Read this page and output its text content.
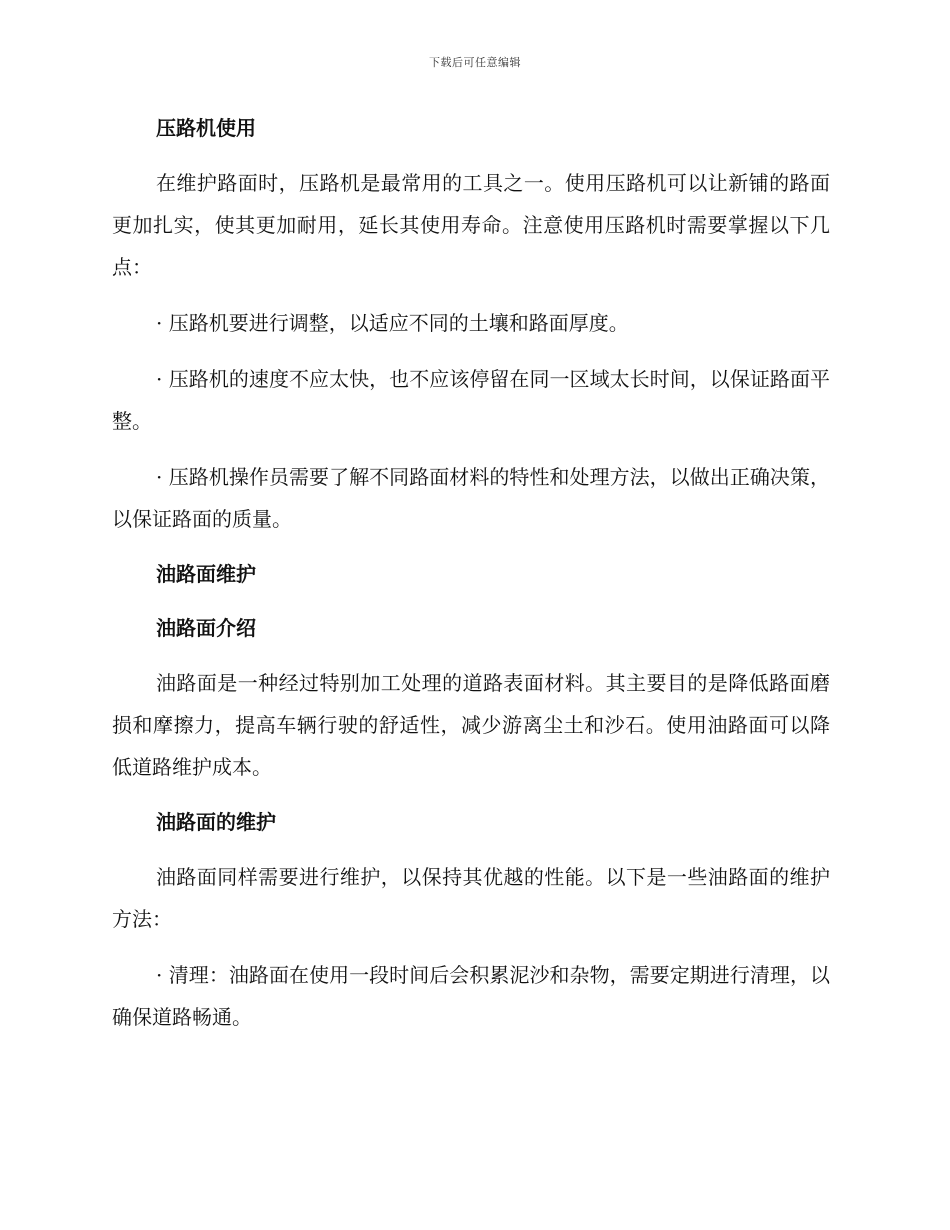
下载后可任意编辑
压路机使用
在维护路面时，压路机是最常用的工具之一。使用压路机可以让新铺的路面更加扎实，使其更加耐用，延长其使用寿命。注意使用压路机时需要掌握以下几点：
· 压路机要进行调整，以适应不同的土壤和路面厚度。
· 压路机的速度不应太快，也不应该停留在同一区域太长时间，以保证路面平整。
· 压路机操作员需要了解不同路面材料的特性和处理方法，以做出正确决策，以保证路面的质量。
油路面维护
油路面介绍
油路面是一种经过特别加工处理的道路表面材料。其主要目的是降低路面磨损和摩擦力，提高车辆行驶的舒适性，减少游离尘土和沙石。使用油路面可以降低道路维护成本。
油路面的维护
油路面同样需要进行维护，以保持其优越的性能。以下是一些油路面的维护方法：
· 清理：油路面在使用一段时间后会积累泥沙和杂物，需要定期进行清理，以确保道路畅通。
